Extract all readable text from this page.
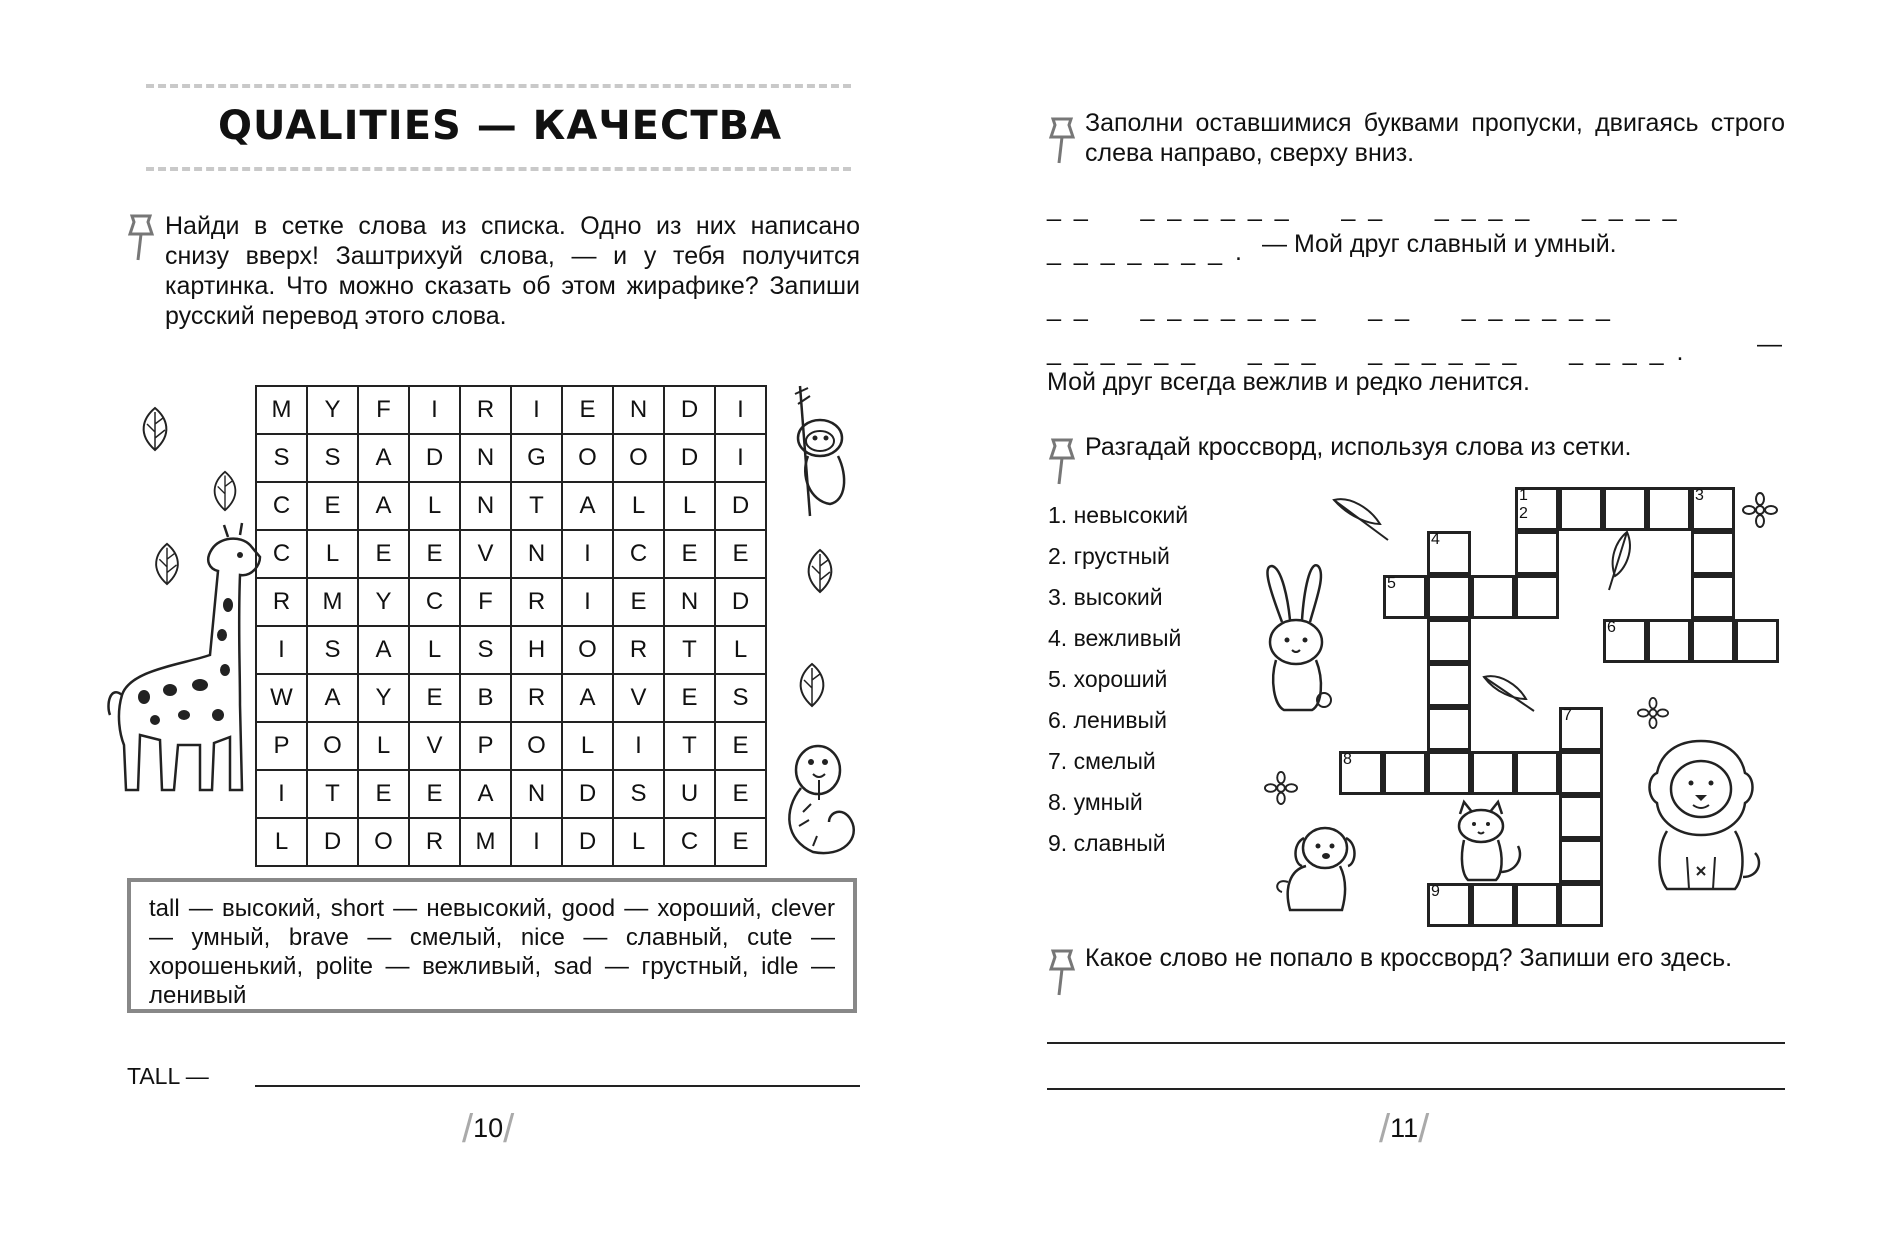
QUALITIES — КАЧЕСТВА
Найди в сетке слова из списка. Одно из них написано снизу вверх! Заштрихуй слова, — и у тебя получится картинка. Что можно сказать об этом жирафике? Запиши русский перевод этого слова.
M	Y	F	I	R	I	E	N	D	I
S	S	A	D	N	G	O	O	D	I
C	E	A	L	N	T	A	L	L	D
C	L	E	E	V	N	I	C	E	E
R	M	Y	C	F	R	I	E	N	D
I	S	A	L	S	H	O	R	T	L
W	A	Y	E	B	R	A	V	E	S
P	O	L	V	P	O	L	I	T	E
I	T	E	E	A	N	D	S	U	E
L	D	O	R	M	I	D	L	C	E
tall — высокий, short — невысокий, good — хороший, clever — умный, brave — смелый, nice — славный, cute — хорошенький, polite — вежливый, sad — грустный, idle — ленивый
TALL —
/10/
Заполни оставшимися буквами пропуски, двигаясь строго слева направо, сверху вниз.
_ _     _ _ _ _ _ _     _ _     _ _ _ _     _ _ _ _
_ _ _ _ _ _ _ . — Мой друг славный и умный.
_ _     _ _ _ _ _ _ _     _ _     _ _ _ _ _ _
_ _ _ _ _ _     _ _ _     _ _ _ _ _ _     _ _ _ _ .	—
Мой друг всегда вежлив и редко ленится.
Разгадай кроссворд, используя слова из сетки.
1. невысокий
2. грустный
3. высокий
4. вежливый
5. хороший
6. ленивый
7. смелый
8. умный
9. славный
1
2
3
4
5
6
7
8
9
Какое слово не попало в кроссворд? Запиши его здесь.
/11/
